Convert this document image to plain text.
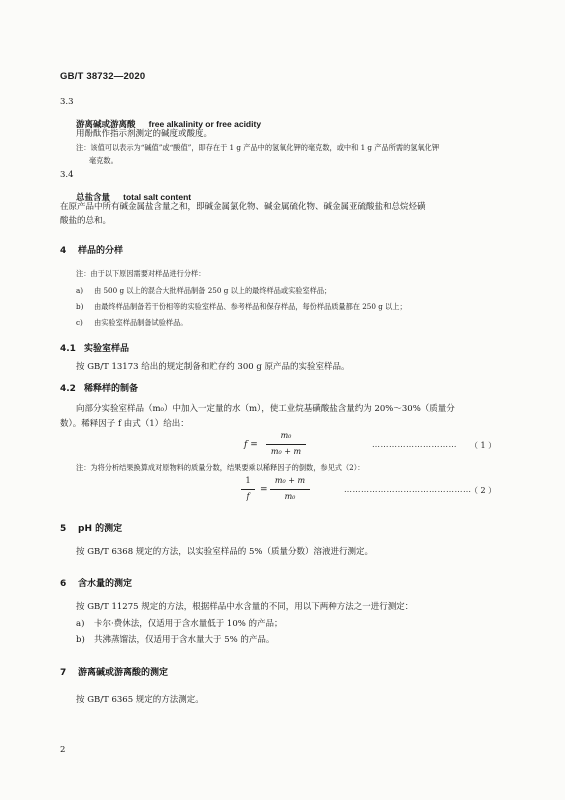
GB/T 38732—2020
3.3
游离碱或游离酸 free alkalinity or free acidity
用酚酞作指示剂测定的碱度或酸度。
注：该值可以表示为“碱值”或“酸值”，即存在于 1 g 产品中的氢氧化钾的毫克数，或中和 1 g 产品所需的氢氧化钾
毫克数。
3.4
总盐含量 total salt content
在原产品中所有碱金属盐含量之和，即碱金属氯化物、碱金属硫化物、碱金属亚硫酸盐和总烷烃磺
酸盐的总和。
4 样品的分样
注：由于以下原因需要对样品进行分样：
a) 由 500 g 以上的混合大批样品制备 250 g 以上的最终样品或实验室样品；
b) 由最终样品制备若干份相等的实验室样品、参考样品和保存样品，每份样品质量都在 250 g 以上；
c) 由实验室样品制备试验样品。
4.1 实验室样品
按 GB/T 13173 给出的规定制备和贮存约 300 g 原产品的实验室样品。
4.2 稀释样的制备
向部分实验室样品（m₀）中加入一定量的水（m），使工业烷基磺酸盐含量约为 20%～30%（质量分
数）。稀释因子 f 由式（1）给出：
f =
m₀
m₀ + m
………………………… （ 1 ）
注：为将分析结果换算成对原物料的质量分数，结果要乘以稀释因子的倒数，参见式（2）：
1
f
=
m₀ + m
m₀
………………………………………
（ 2 ）
5 pH 的测定
按 GB/T 6368 规定的方法，以实验室样品的 5%（质量分数）溶液进行测定。
6 含水量的测定
按 GB/T 11275 规定的方法，根据样品中水含量的不同，用以下两种方法之一进行测定：
a) 卡尔·费休法，仅适用于含水量低于 10% 的产品；
b) 共沸蒸馏法，仅适用于含水量大于 5% 的产品。
7 游离碱或游离酸的测定
按 GB/T 6365 规定的方法测定。
2
